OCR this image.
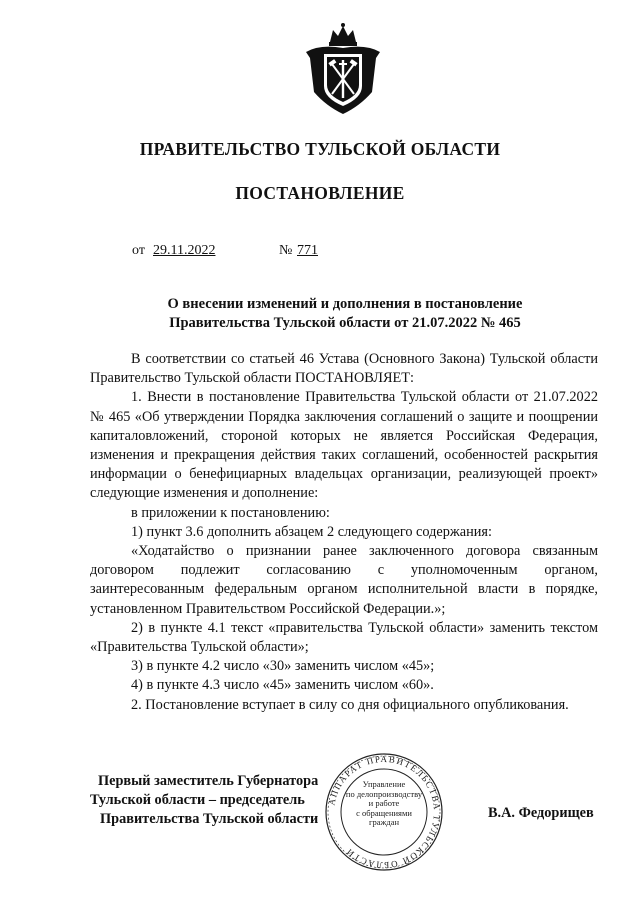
ПРАВИТЕЛЬСТВО ТУЛЬСКОЙ ОБЛАСТИ
ПОСТАНОВЛЕНИЕ
от 29.11.2022	№ 771
О внесении изменений и дополнения в постановление
Правительства Тульской области от 21.07.2022 № 465

В соответствии со статьей 46 Устава (Основного Закона) Тульской области Правительство Тульской области ПОСТАНОВЛЯЕТ:

1. Внести в постановление Правительства Тульской области от 21.07.2022 № 465 «Об утверждении Порядка заключения соглашений о защите и поощрении капиталовложений, стороной которых не является Российская Федерация, изменения и прекращения действия таких соглашений, особенностей раскрытия информации о бенефициарных владельцах организации, реализующей проект» следующие изменения и дополнение:

в приложении к постановлению:

1) пункт 3.6 дополнить абзацем 2 следующего содержания:

«Ходатайство о признании ранее заключенного договора связанным договором подлежит согласованию с уполномоченным органом, заинтересованным федеральным органом исполнительной власти в порядке, установленном Правительством Российской Федерации.»;

2) в пункте 4.1 текст «правительства Тульской области» заменить текстом «Правительства Тульской области»;

3) в пункте 4.2 число «30» заменить числом «45»;

4) в пункте 4.3 число «45» заменить числом «60».

2. Постановление вступает в силу со дня официального опубликования.

Первый заместитель Губернатора
Тульской области – председатель
Правительства Тульской области
АППАРАТ ПРАВИТЕЛЬСТВА ТУЛЬСКОЙ ОБЛАСТИ
Управление
по делопроизводству
и работе
с обращениями
граждан
В.А. Федорищев
